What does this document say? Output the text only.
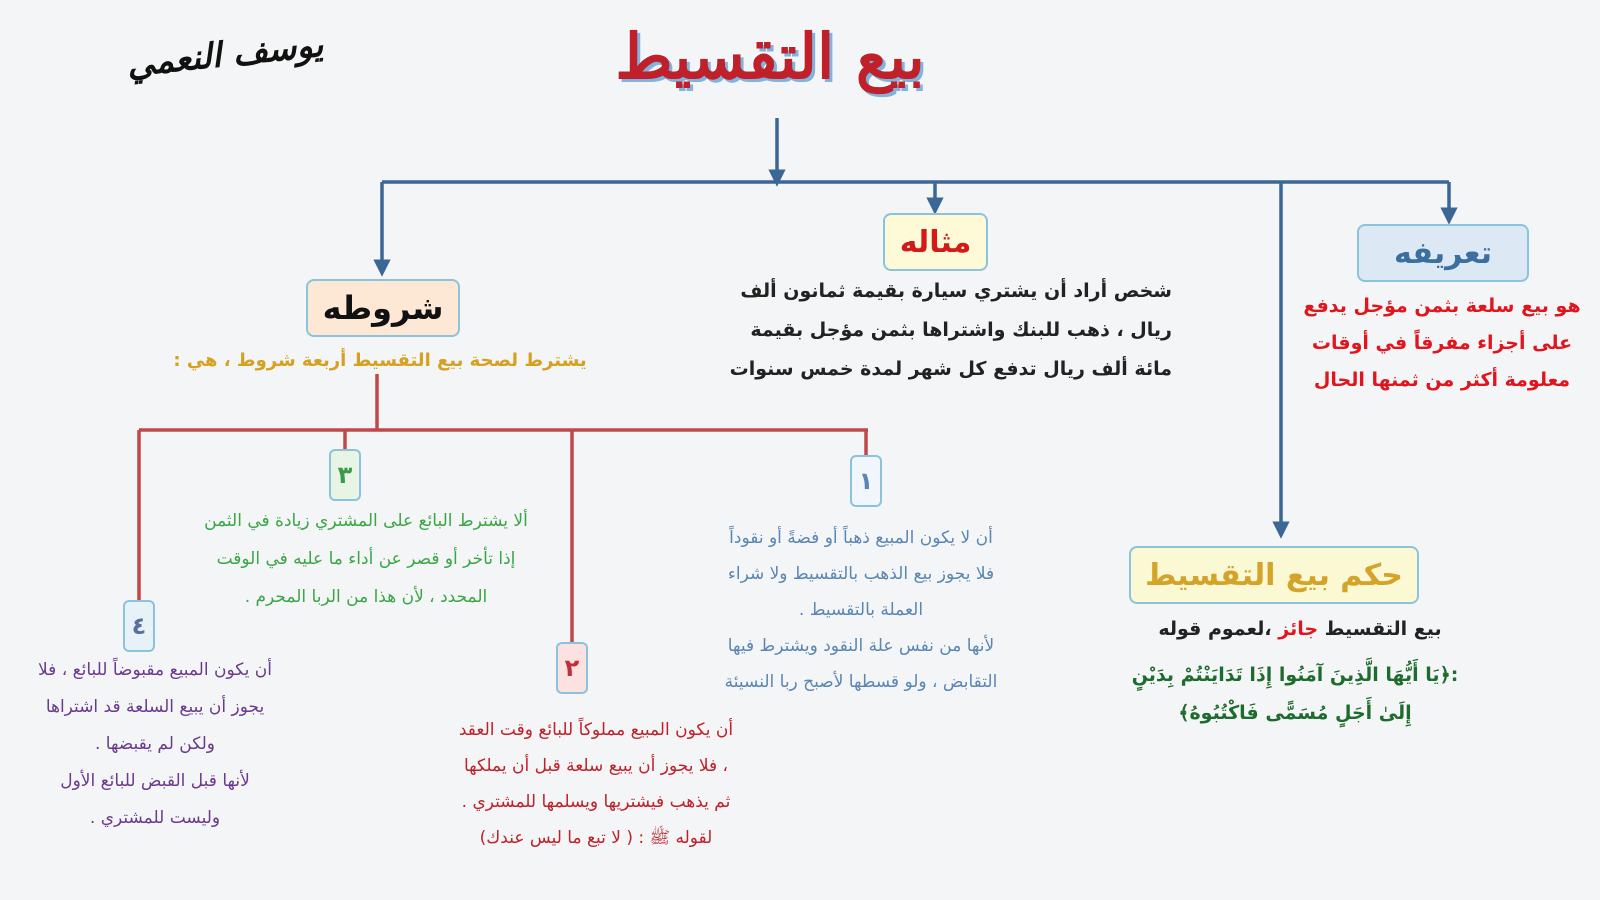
بيع التقسيط
يوسف النعمي
تعريفه
هو بيع سلعة بثمن مؤجل يدفع
على أجزاء مفرقاً في أوقات
معلومة أكثر من ثمنها الحال
مثاله
شخص أراد أن يشتري سيارة بقيمة ثمانون ألف
ريال ، ذهب للبنك واشتراها بثمن مؤجل بقيمة
مائة ألف ريال تدفع كل شهر لمدة خمس سنوات
شروطه
يشترط لصحة بيع التقسيط أربعة شروط ، هي :
١
أن لا يكون المبيع ذهباً أو فضةً أو نقوداً
فلا يجوز بيع الذهب بالتقسيط ولا شراء
العملة بالتقسيط .
لأنها من نفس علة النقود ويشترط فيها
التقابض ، ولو قسطها لأصبح ربا النسيئة
٢
أن يكون المبيع مملوكاً للبائع وقت العقد
، فلا يجوز أن يبيع سلعة قبل أن يملكها
ثم يذهب فيشتريها ويسلمها للمشتري .
لقوله ﷺ : ( لا تبع ما ليس عندك)
٣
ألا يشترط البائع على المشتري زيادة في الثمن
إذا تأخر أو قصر عن أداء ما عليه في الوقت
المحدد ، لأن هذا من الربا المحرم .
٤
أن يكون المبيع مقبوضاً للبائع ، فلا
يجوز أن يبيع السلعة قد اشتراها
ولكن لم يقبضها .
لأنها قبل القبض للبائع الأول
وليست للمشتري .
حكم بيع التقسيط
بيع التقسيط جائز ،لعموم قوله
:﴿يَا أَيُّهَا الَّذِينَ آمَنُوا إِذَا تَدَايَنْتُمْ بِدَيْنٍ
إِلَىٰ أَجَلٍ مُسَمًّى فَاكْتُبُوهُ﴾
